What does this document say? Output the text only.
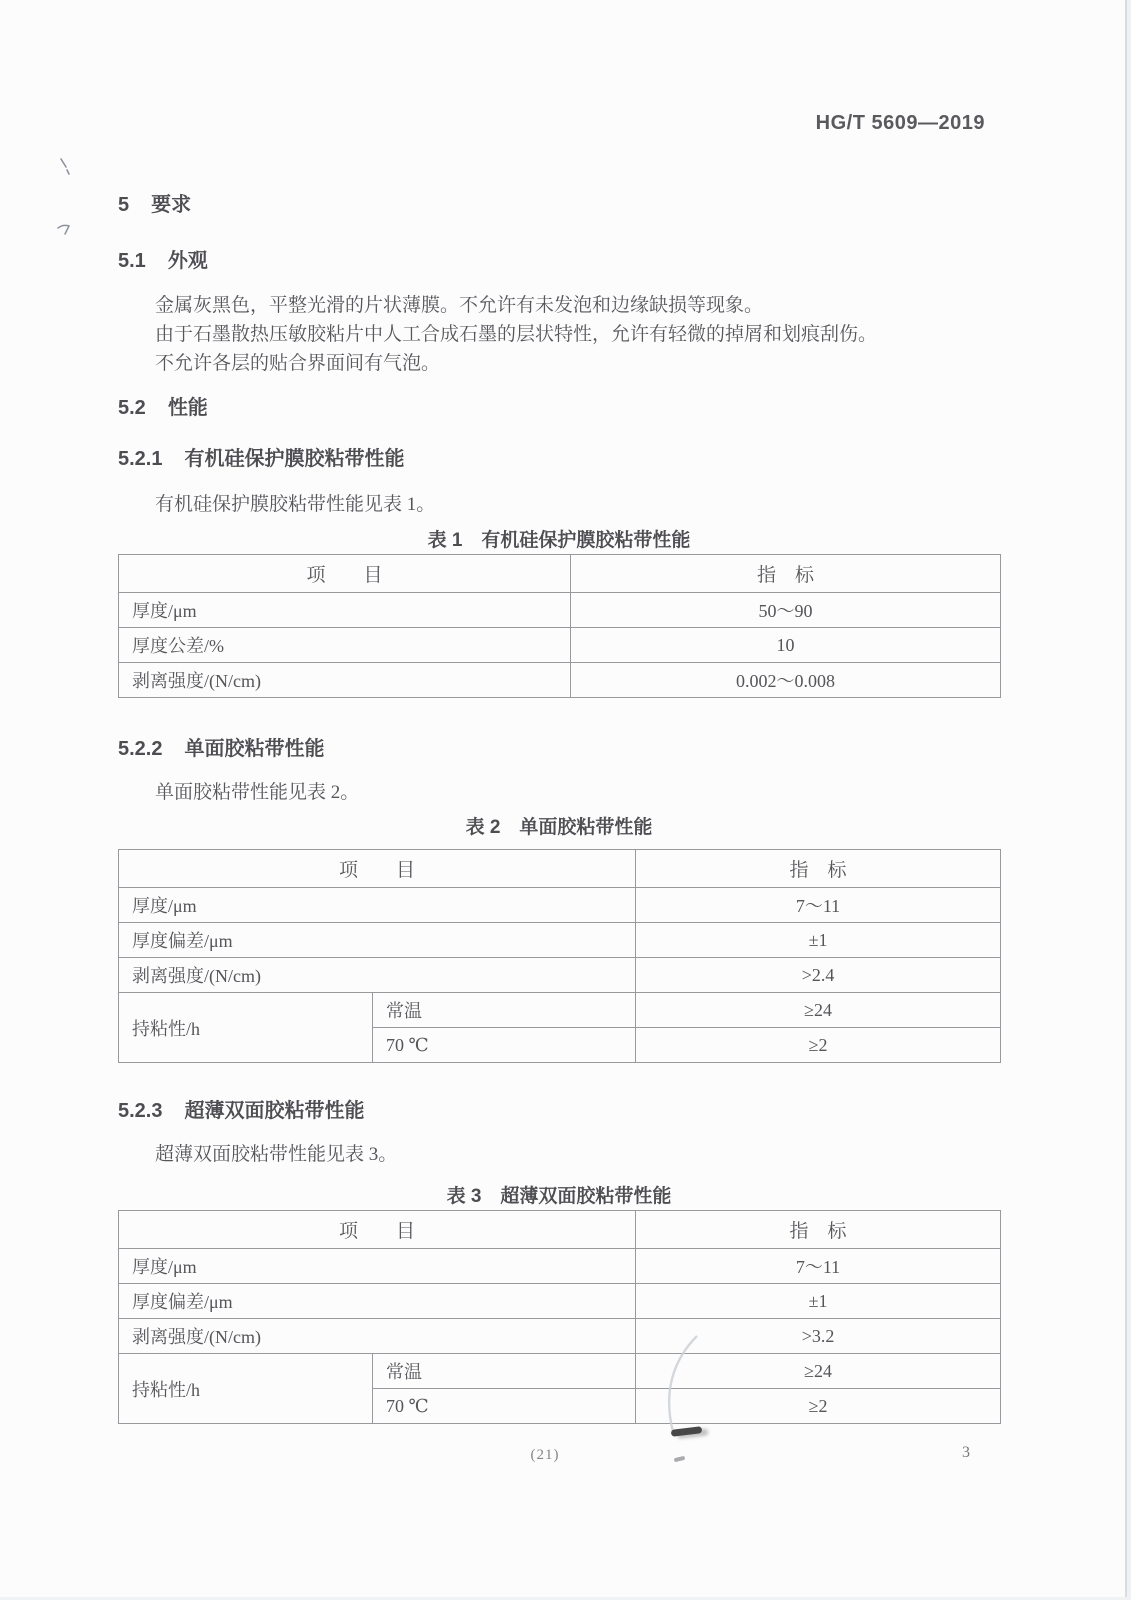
HG/T 5609—2019
5 要求
5.1 外观
金属灰黑色，平整光滑的片状薄膜。不允许有未发泡和边缘缺损等现象。
由于石墨散热压敏胶粘片中人工合成石墨的层状特性，允许有轻微的掉屑和划痕刮伤。
不允许各层的贴合界面间有气泡。
5.2 性能
5.2.1 有机硅保护膜胶粘带性能
有机硅保护膜胶粘带性能见表 1。
表 1　有机硅保护膜胶粘带性能
项　　目	指　标
厚度/μm	50～90
厚度公差/%	10
剥离强度/(N/cm)	0.002～0.008
5.2.2 单面胶粘带性能
单面胶粘带性能见表 2。
表 2　单面胶粘带性能
项　　目		指　标
厚度/μm		7～11
厚度偏差/μm		±1
剥离强度/(N/cm)		>2.4
持粘性/h	常温	≥24
	70 ℃	≥2
5.2.3 超薄双面胶粘带性能
超薄双面胶粘带性能见表 3。
表 3　超薄双面胶粘带性能
项　　目		指　标
厚度/μm		7～11
厚度偏差/μm		±1
剥离强度/(N/cm)		>3.2
持粘性/h	常温	≥24
	70 ℃	≥2
(21)	3
